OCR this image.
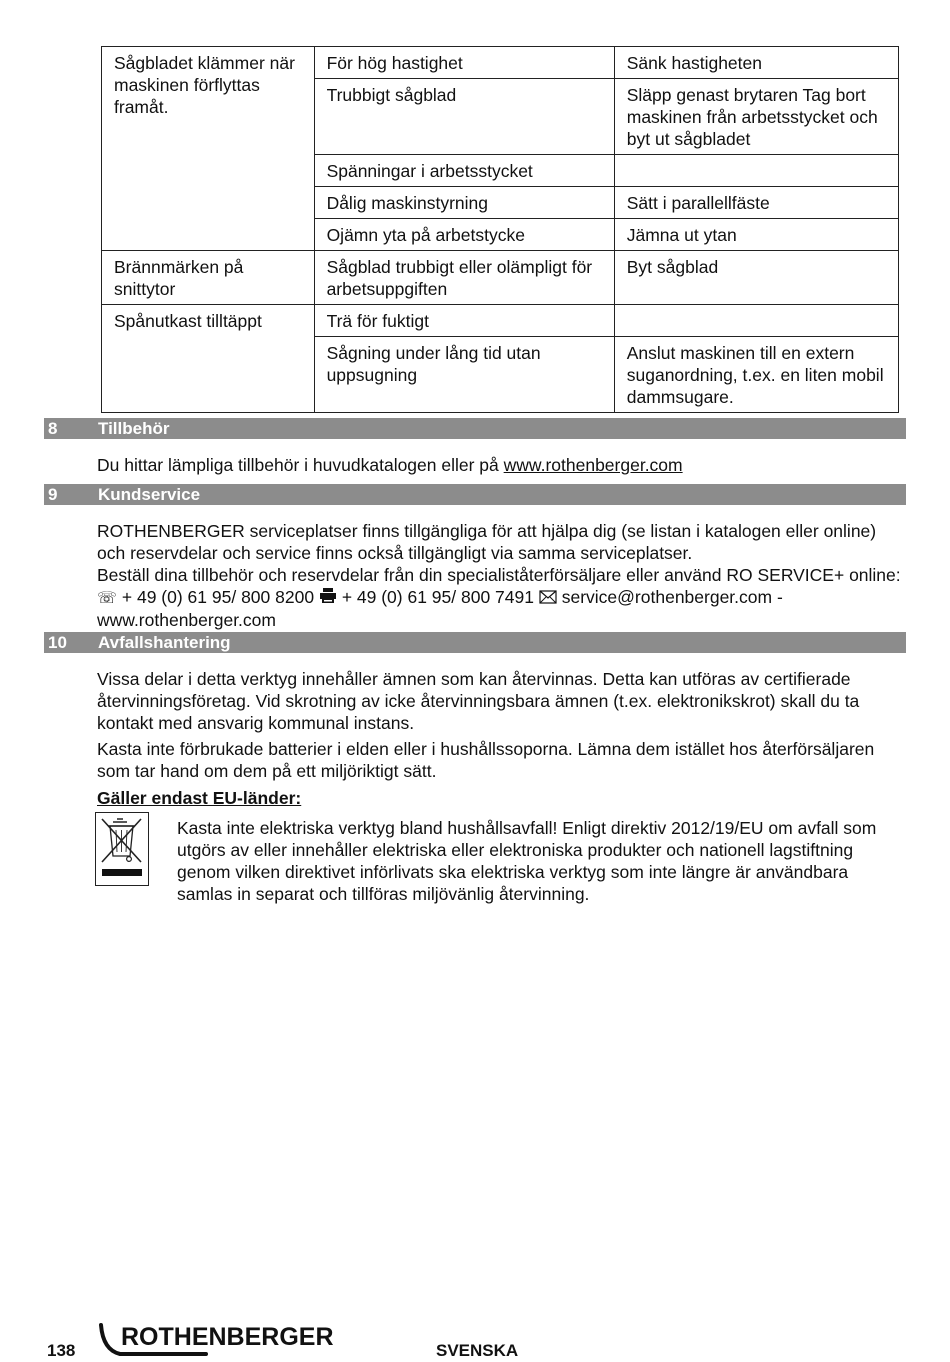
Sågbladet klämmer när maskinen förflyttas framåt.	För hög hastighet	Sänk hastigheten
	Trubbigt sågblad	Släpp genast brytaren Tag bort maskinen från arbetsstycket och byt ut sågbladet
	Spänningar i arbetsstycket	
	Dålig maskinstyrning	Sätt i parallellfäste
	Ojämn yta på arbetstycke	Jämna ut ytan
Brännmärken på snittytor	Sågblad trubbigt eller olämpligt för arbetsuppgiften	Byt sågblad
Spånutkast tilltäppt	Trä för fuktigt	
	Sågning under lång tid utan uppsugning	Anslut maskinen till en extern suganordning, t.ex. en liten mobil dammsugare.
8 Tillbehör

Du hittar lämpliga tillbehör i huvudkatalogen eller på www.rothenberger.com

9 Kundservice

ROTHENBERGER serviceplatser finns tillgängliga för att hjälpa dig (se listan i katalogen eller online) och reservdelar och service finns också tillgängligt via samma serviceplatser.

Beställ dina tillbehör och reservdelar från din specialiståterförsäljare eller använd RO SERVICE+ online: ☏ + 49 (0) 61 95/ 800 8200 + 49 (0) 61 95/ 800 7491 service@rothenberger.com -
www.rothenberger.com

10 Avfallshantering

Vissa delar i detta verktyg innehåller ämnen som kan återvinnas. Detta kan utföras av certifierade återvinningsföretag. Vid skrotning av icke återvinningsbara ämnen (t.ex. elektronikskrot) skall du ta kontakt med ansvarig kommunal instans.

Kasta inte förbrukade batterier i elden eller i hushållssoporna. Lämna dem istället hos återförsäljaren som tar hand om dem på ett miljöriktigt sätt.

Gäller endast EU-länder:
Kasta inte elektriska verktyg bland hushållsavfall! Enligt direktiv 2012/19/EU om avfall som utgörs av eller innehåller elektriska eller elektroniska produkter och nationell lagstiftning genom vilken direktivet införlivats ska elektriska verktyg som inte längre är användbara samlas in separat och tillföras miljövänlig återvinning.
138 ROTHENBERGER	SVENSKA
